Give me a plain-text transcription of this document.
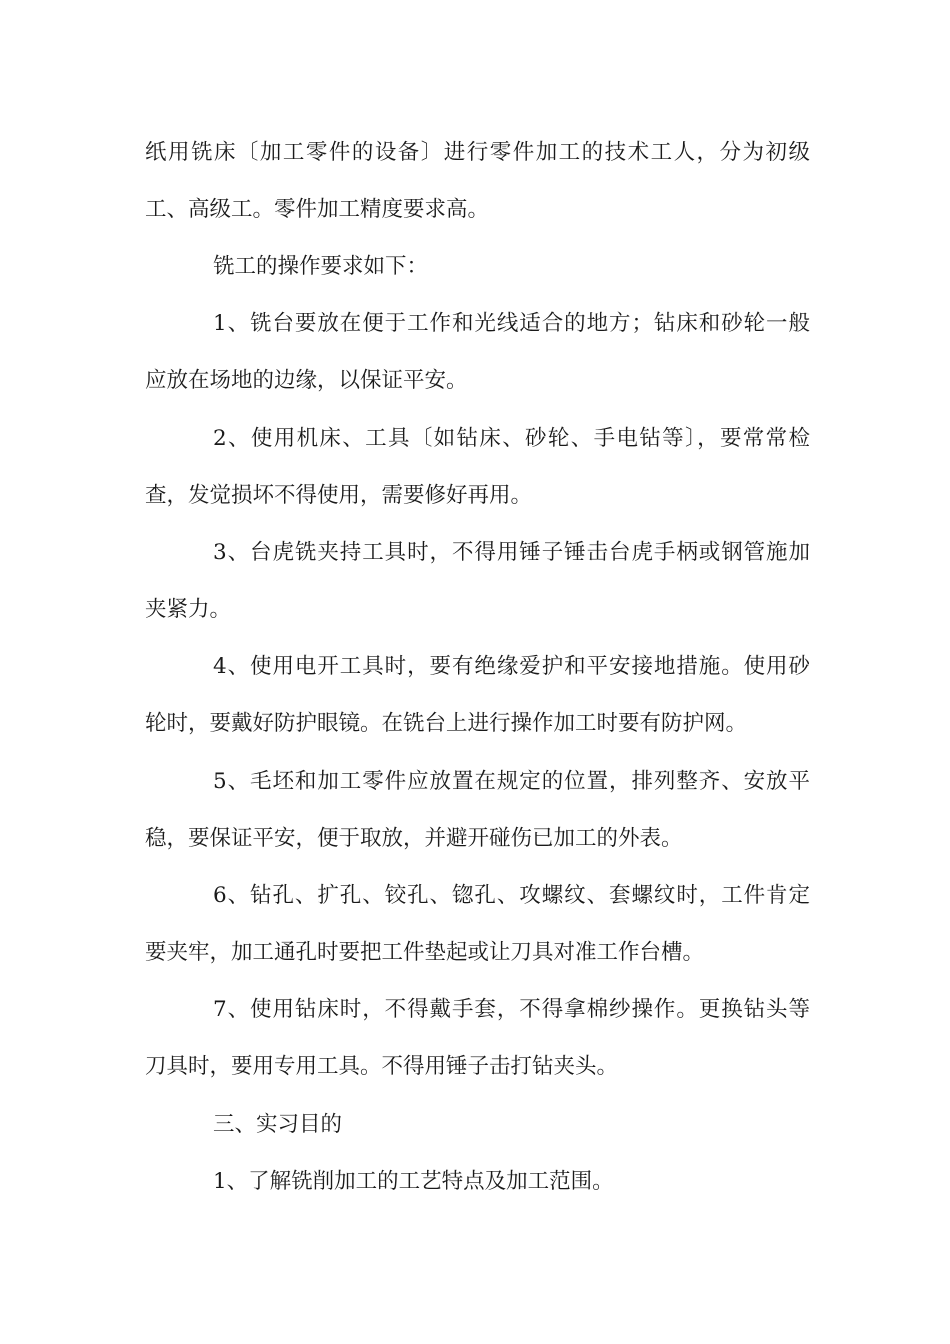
纸用铣床〔加工零件的设备〕进行零件加工的技术工人，分为初级
工、高级工。零件加工精度要求高。
铣工的操作要求如下：
1、铣台要放在便于工作和光线适合的地方；钻床和砂轮一般
应放在场地的边缘，以保证平安。
2、使用机床、工具〔如钻床、砂轮、手电钻等〕，要常常检
查，发觉损坏不得使用，需要修好再用。
3、台虎铣夹持工具时，不得用锤子锤击台虎手柄或钢管施加
夹紧力。
4、使用电开工具时，要有绝缘爱护和平安接地措施。使用砂
轮时，要戴好防护眼镜。在铣台上进行操作加工时要有防护网。
5、毛坯和加工零件应放置在规定的位置，排列整齐、安放平
稳，要保证平安，便于取放，并避开碰伤已加工的外表。
6、钻孔、扩孔、铰孔、锪孔、攻螺纹、套螺纹时，工件肯定
要夹牢，加工通孔时要把工件垫起或让刀具对准工作台槽。
7、使用钻床时，不得戴手套，不得拿棉纱操作。更换钻头等
刀具时，要用专用工具。不得用锤子击打钻夹头。
三、实习目的
1、了解铣削加工的工艺特点及加工范围。
